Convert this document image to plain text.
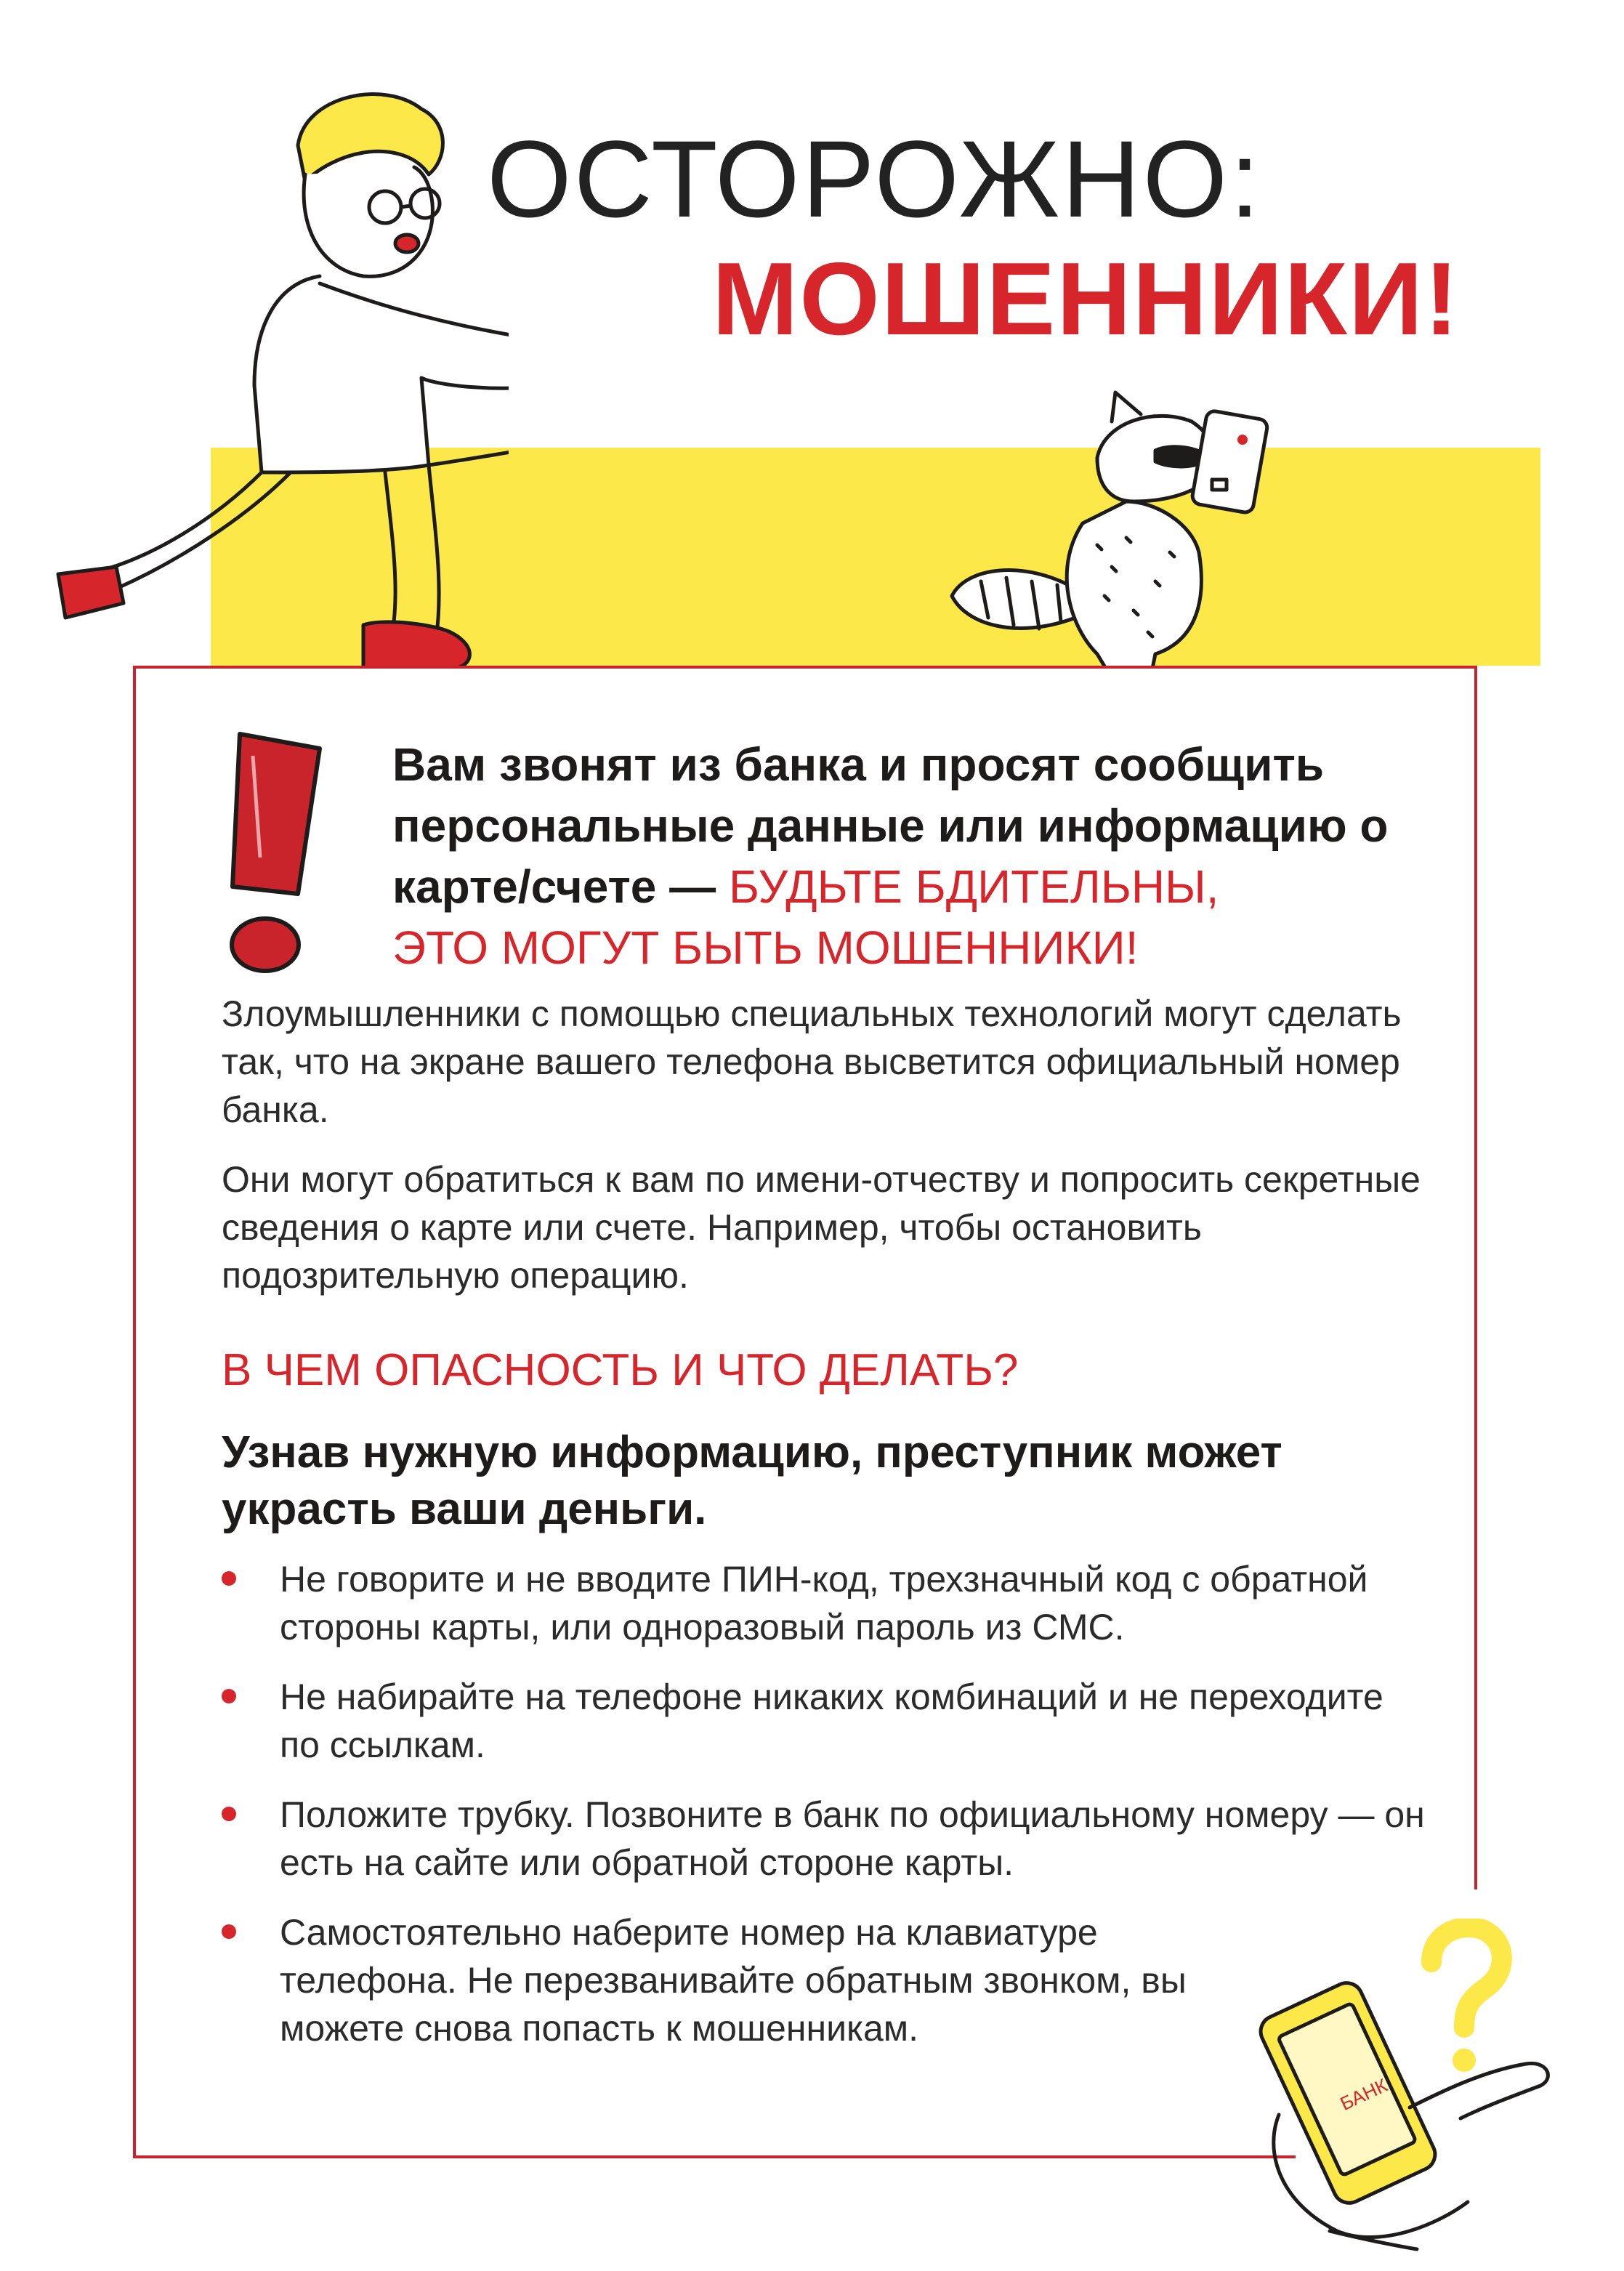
ОСТОРОЖНО:
МОШЕННИКИ!
Вам звонят из банка и просят сообщить персональные данные или информацию о карте/счете — БУДЬТЕ БДИТЕЛЬНЫ,
ЭТО МОГУТ БЫТЬ МОШЕННИКИ!
Злоумышленники с помощью специальных технологий могут сделать так, что на экране вашего телефона высветится официальный номер банка.
Они могут обратиться к вам по имени-отчеству и попросить секретные сведения о карте или счете. Например, чтобы остановить подозрительную операцию.
В ЧЕМ ОПАСНОСТЬ И ЧТО ДЕЛАТЬ?
Узнав нужную информацию, преступник может украсть ваши деньги.
Не говорите и не вводите ПИН-код, трехзначный код с обратной стороны карты, или одноразовый пароль из СМС.
Не набирайте на телефоне никаких комбинаций и не переходите по ссылкам.
Положите трубку. Позвоните в банк по официальному номеру — он есть на сайте или обратной стороне карты.
Самостоятельно наберите номер на клавиатуре телефона. Не перезванивайте обратным звонком, вы можете снова попасть к мошенникам.
БАНК
